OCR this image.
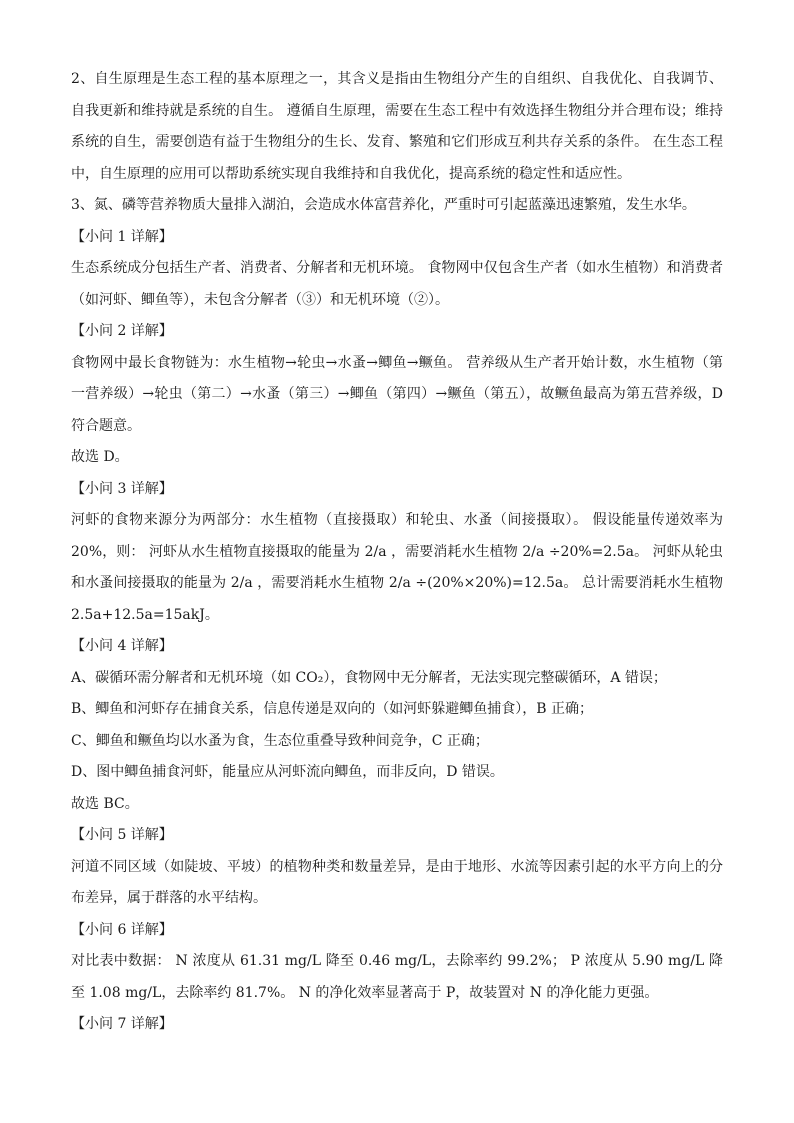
2、自生原理是生态工程的基本原理之一，其含义是指由生物组分产生的自组织、自我优化、自我调节、自我更新和维持就是系统的自生。 遵循自生原理，需要在生态工程中有效选择生物组分并合理布设；维持系统的自生，需要创造有益于生物组分的生长、发育、繁殖和它们形成互利共存关系的条件。 在生态工程中，自生原理的应用可以帮助系统实现自我维持和自我优化，提高系统的稳定性和适应性。

3、氮、磷等营养物质大量排入湖泊，会造成水体富营养化，严重时可引起蓝藻迅速繁殖，发生水华。

【小问 1 详解】

生态系统成分包括生产者、消费者、分解者和无机环境。 食物网中仅包含生产者（如水生植物）和消费者（如河虾、鲫鱼等），未包含分解者（③）和无机环境（②）。

【小问 2 详解】

食物网中最长食物链为：水生植物→轮虫→水蚤→鲫鱼→鳜鱼。 营养级从生产者开始计数，水生植物（第一营养级）→轮虫（第二）→水蚤（第三）→鲫鱼（第四）→鳜鱼（第五），故鳜鱼最高为第五营养级，D 符合题意。

故选 D。

【小问 3 详解】

河虾的食物来源分为两部分：水生植物（直接摄取）和轮虫、水蚤（间接摄取）。 假设能量传递效率为 20%，则： 河虾从水生植物直接摄取的能量为 2/a ，需要消耗水生植物 2/a ÷20%=2.5a。 河虾从轮虫和水蚤间接摄取的能量为 2/a ，需要消耗水生植物 2/a ÷(20%×20%)=12.5a。 总计需要消耗水生植物 2.5a+12.5a=15akJ。

【小问 4 详解】

A、碳循环需分解者和无机环境（如 CO₂），食物网中无分解者，无法实现完整碳循环，A 错误；

B、鲫鱼和河虾存在捕食关系，信息传递是双向的（如河虾躲避鲫鱼捕食），B 正确；

C、鲫鱼和鳜鱼均以水蚤为食，生态位重叠导致种间竞争，C 正确；

D、图中鲫鱼捕食河虾，能量应从河虾流向鲫鱼，而非反向，D 错误。

故选 BC。

【小问 5 详解】

河道不同区域（如陡坡、平坡）的植物种类和数量差异，是由于地形、水流等因素引起的水平方向上的分布差异，属于群落的水平结构。

【小问 6 详解】

对比表中数据： N 浓度从 61.31 mg/L 降至 0.46 mg/L，去除率约 99.2%； P 浓度从 5.90 mg/L 降至 1.08 mg/L，去除率约 81.7%。 N 的净化效率显著高于 P，故装置对 N 的净化能力更强。

【小问 7 详解】
